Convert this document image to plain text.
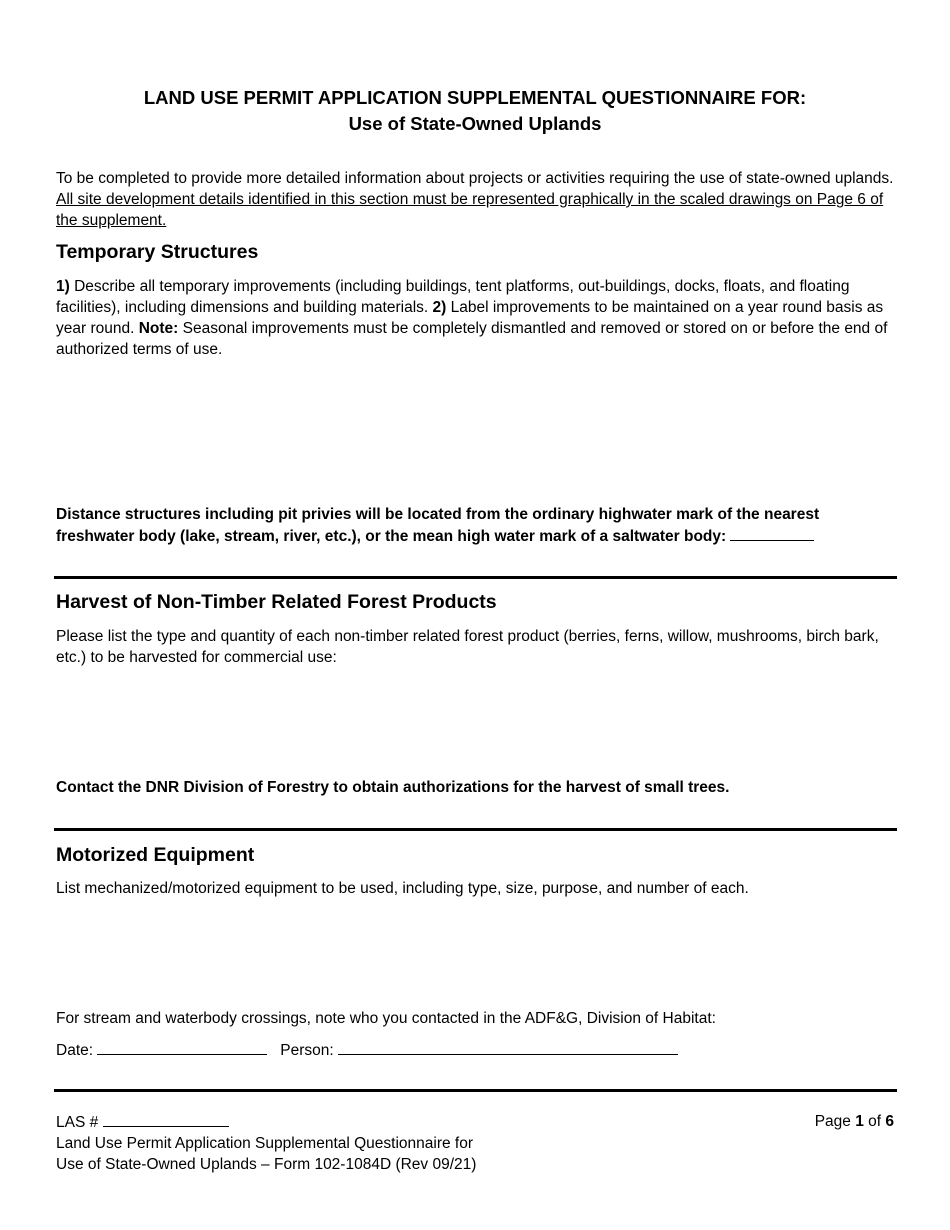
LAND USE PERMIT APPLICATION SUPPLEMENTAL QUESTIONNAIRE FOR:
Use of State-Owned Uplands
To be completed to provide more detailed information about projects or activities requiring the use of state-owned uplands. All site development details identified in this section must be represented graphically in the scaled drawings on Page 6 of the supplement.
Temporary Structures
1) Describe all temporary improvements (including buildings, tent platforms, out-buildings, docks, floats, and floating facilities), including dimensions and building materials. 2) Label improvements to be maintained on a year round basis as year round. Note: Seasonal improvements must be completely dismantled and removed or stored on or before the end of authorized terms of use.
Distance structures including pit privies will be located from the ordinary highwater mark of the nearest freshwater body (lake, stream, river, etc.), or the mean high water mark of a saltwater body:
Harvest of Non-Timber Related Forest Products
Please list the type and quantity of each non-timber related forest product (berries, ferns, willow, mushrooms, birch bark, etc.) to be harvested for commercial use:
Contact the DNR Division of Forestry to obtain authorizations for the harvest of small trees.
Motorized Equipment
List mechanized/motorized equipment to be used, including type, size, purpose, and number of each.
For stream and waterbody crossings, note who you contacted in the ADF&G, Division of Habitat:
Date:	Person:
LAS #
Land Use Permit Application Supplemental Questionnaire for
Use of State-Owned Uplands – Form 102-1084D (Rev 09/21)
Page 1 of 6
